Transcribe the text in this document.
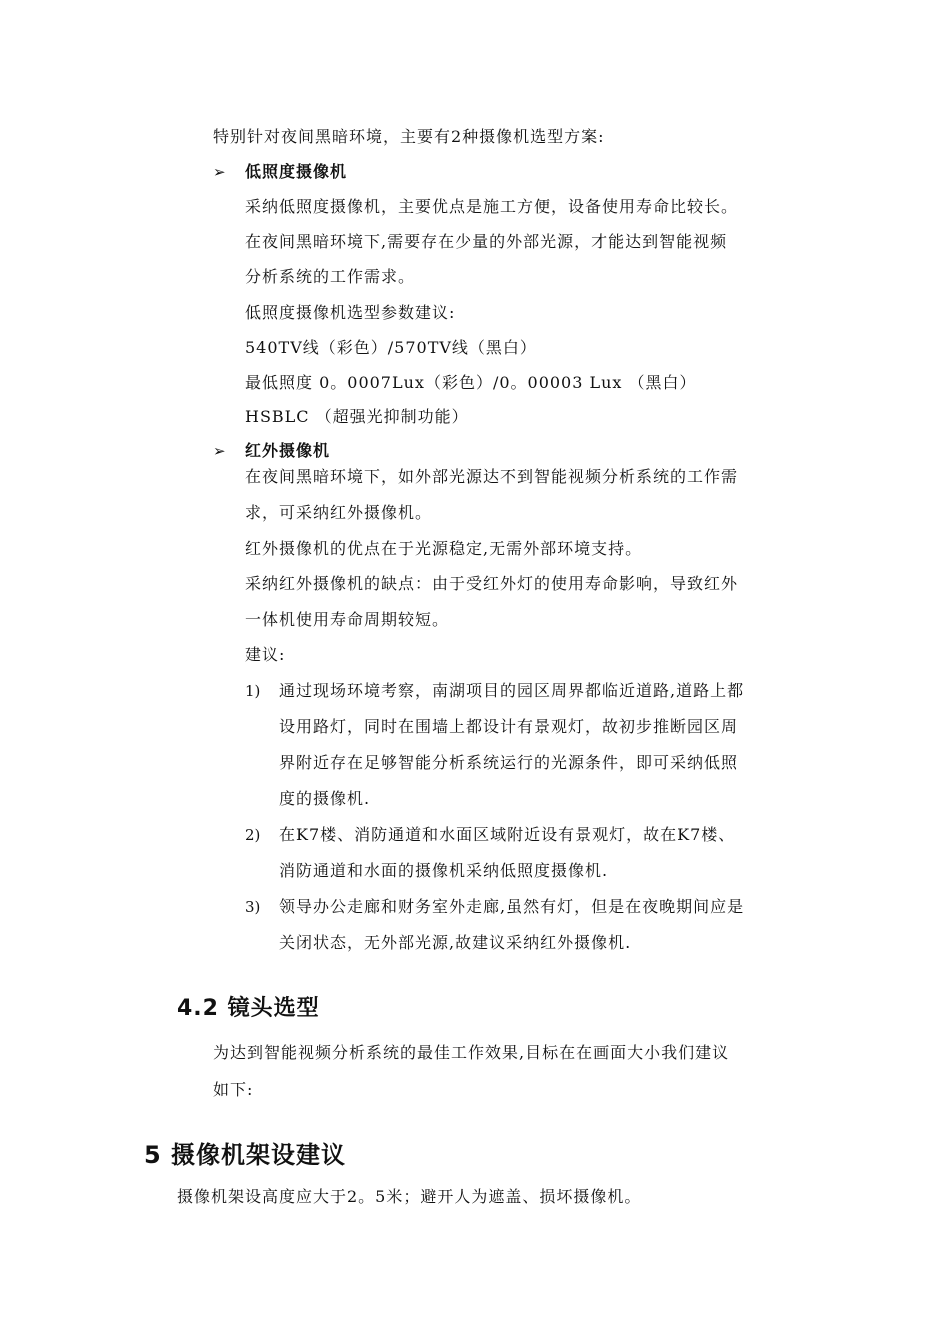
特别针对夜间黑暗环境，主要有2种摄像机选型方案:
➢ 低照度摄像机
采纳低照度摄像机，主要优点是施工方便，设备使用寿命比较长。
在夜间黑暗环境下,需要存在少量的外部光源，才能达到智能视频
分析系统的工作需求。
低照度摄像机选型参数建议:
540TV线（彩色）/570TV线（黑白）
最低照度 0。0007Lux（彩色）/0。00003 Lux （黑白）
HSBLC （超强光抑制功能）
➢ 红外摄像机
在夜间黑暗环境下，如外部光源达不到智能视频分析系统的工作需
求，可采纳红外摄像机。
红外摄像机的优点在于光源稳定,无需外部环境支持。
采纳红外摄像机的缺点：由于受红外灯的使用寿命影响，导致红外
一体机使用寿命周期较短。
建议:
1) 通过现场环境考察，南湖项目的园区周界都临近道路,道路上都
设用路灯，同时在围墙上都设计有景观灯，故初步推断园区周
界附近存在足够智能分析系统运行的光源条件，即可采纳低照
度的摄像机.
2) 在K7楼、消防通道和水面区域附近设有景观灯，故在K7楼、
消防通道和水面的摄像机采纳低照度摄像机.
3) 领导办公走廊和财务室外走廊,虽然有灯，但是在夜晚期间应是
关闭状态，无外部光源,故建议采纳红外摄像机.
4.2 镜头选型
为达到智能视频分析系统的最佳工作效果,目标在在画面大小我们建议
如下:
5 摄像机架设建议
摄像机架设高度应大于2。5米；避开人为遮盖、损坏摄像机。
